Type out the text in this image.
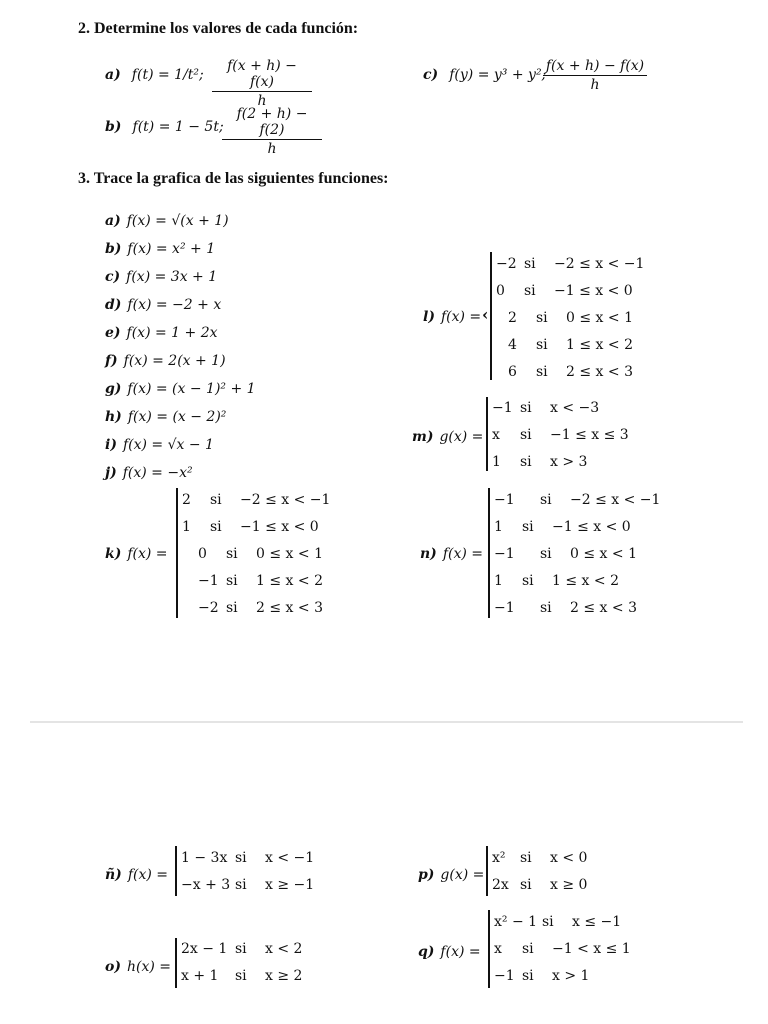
2. Determine los valores de cada función:
a) f(t) = 1/t²; $\frac{f(x + h) - f(x)}{h}$
b) f(t) = 1 − 5t;
$\frac{f(2 + h) - f(2)}{h}$
c) f(y) = y³ + y²;
$\frac{f(x + h) - f(x)}{h}$
3. Trace la grafica de las siguientes funciones:
a) f(x) = √(x + 1)
b) f(x) = x² + 1
c) f(x) = 3x + 1
d) f(x) = −2 + x
e) f(x) = 1 + 2x
f) f(x) = 2(x + 1)
g) f(x) = (x − 1)² + 1
h) f(x) = (x − 2)²
i) f(x) = √x − 1
j) f(x) = −x²
l) f(x) = ‹
−2 si −2 ≤ x < −1
0 si −1 ≤ x < 0
2 si 0 ≤ x < 1
4 si 1 ≤ x < 2
6 si 2 ≤ x < 3
m) g(x) =
−1 si x < −3
x si −1 ≤ x ≤ 3
1 si x > 3
k) f(x) =
2 si −2 ≤ x < −1
1 si −1 ≤ x < 0
0 si 0 ≤ x < 1
−1 si 1 ≤ x < 2
−2 si 2 ≤ x < 3
n) f(x) =
−1 si −2 ≤ x < −1
1 si −1 ≤ x < 0
−1 si 0 ≤ x < 1
1 si 1 ≤ x < 2
−1 si 2 ≤ x < 3
ñ) f(x) =
1 − 3x si x < −1
−x + 3 si x ≥ −1
p) g(x) =
x² si x < 0
2x si x ≥ 0
o) h(x) =
2x − 1 si x < 2
x + 1 si x ≥ 2
q) f(x) =
x² − 1 si x ≤ −1
x si −1 < x ≤ 1
−1 si x > 1
